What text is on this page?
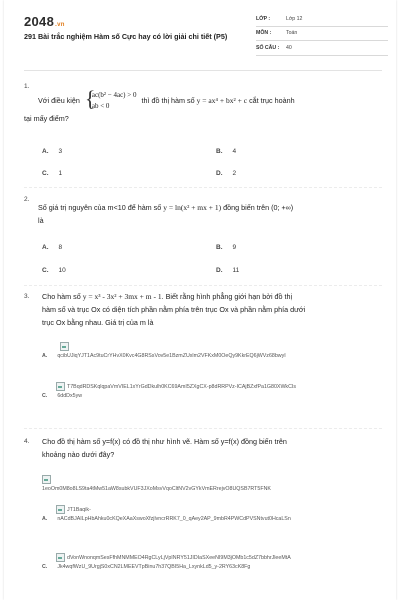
2048.vn
291 Bài trắc nghiệm Hàm số Cực hay có lời giải chi tiết (P5)
LỚP :	Lớp 12
MÔN :	Toán
SỐ CÂU :	40
1.
Với điều kiện {
ac(b² − 4ac) > 0
ab < 0
thì đồ thị hàm số y = ax⁴ + bx² + c cắt trục hoành
tại mấy điểm?
A. 3	B. 4
C. 1	D. 2
2.
Số giá trị nguyên của m<10 để hàm số y = ln(x² + mx + 1) đồng biến trên (0; +∞)
là
A. 8	B. 9
C. 10	D. 11
3. Cho hàm số y = x³ - 3x² + 3mx + m - 1. Biết rằng hình phẳng giới hạn bởi đồ thị
hàm số và trục Ox có diện tích phần nằm phía trên trục Ox và phần nằm phía dưới
trục Ox bằng nhau. Giá trị của m là
A. qcibUJiqYJT1Ac9tuCrYHvX0Kvc4G8RSsVov5e1BzmZUxlm2VFKxM0OeQy9KkrEQ6jWVz68bwyI
T7BqdRDSKqlqpaVmVIEL1xYrGdDkulh0KC69AmI5ZXgCX-p8dRRPVz-ICAjBZxfPa1G80XWkCIs
C. 6ddDx5yw
4. Cho đồ thị hàm số y=f(x) có đồ thị như hình vẽ. Hàm số y=f(x) đồng biến trên
khoảng nào dưới đây?
1eoOm0M8o8LS9ta4tMw51aW8subkVUF3JXoMsvVqoCltNV2vGYkVmERrejvO8UQSB7RT5FNK
JT1Baqik-
A. nACdBJAILpHbAhku0cKQeXAaXswoXfzjlvncrRRK7_0_qAey2AP_9mbR4PWCdPVSNtvut0HcaLSn
dVonWnonqmSesFfhMNMMEO4RgCLyLjVpINRY51JIDIaSXeeNI9M3jOMb1c5dZ7bbhrJleeMtA
C. Jk4wqfWzU_9UrgjS0xCN2LMEEVTpBinu7h37QBI5Ha_LxynkLd5_y-2RY63cK8Fg
